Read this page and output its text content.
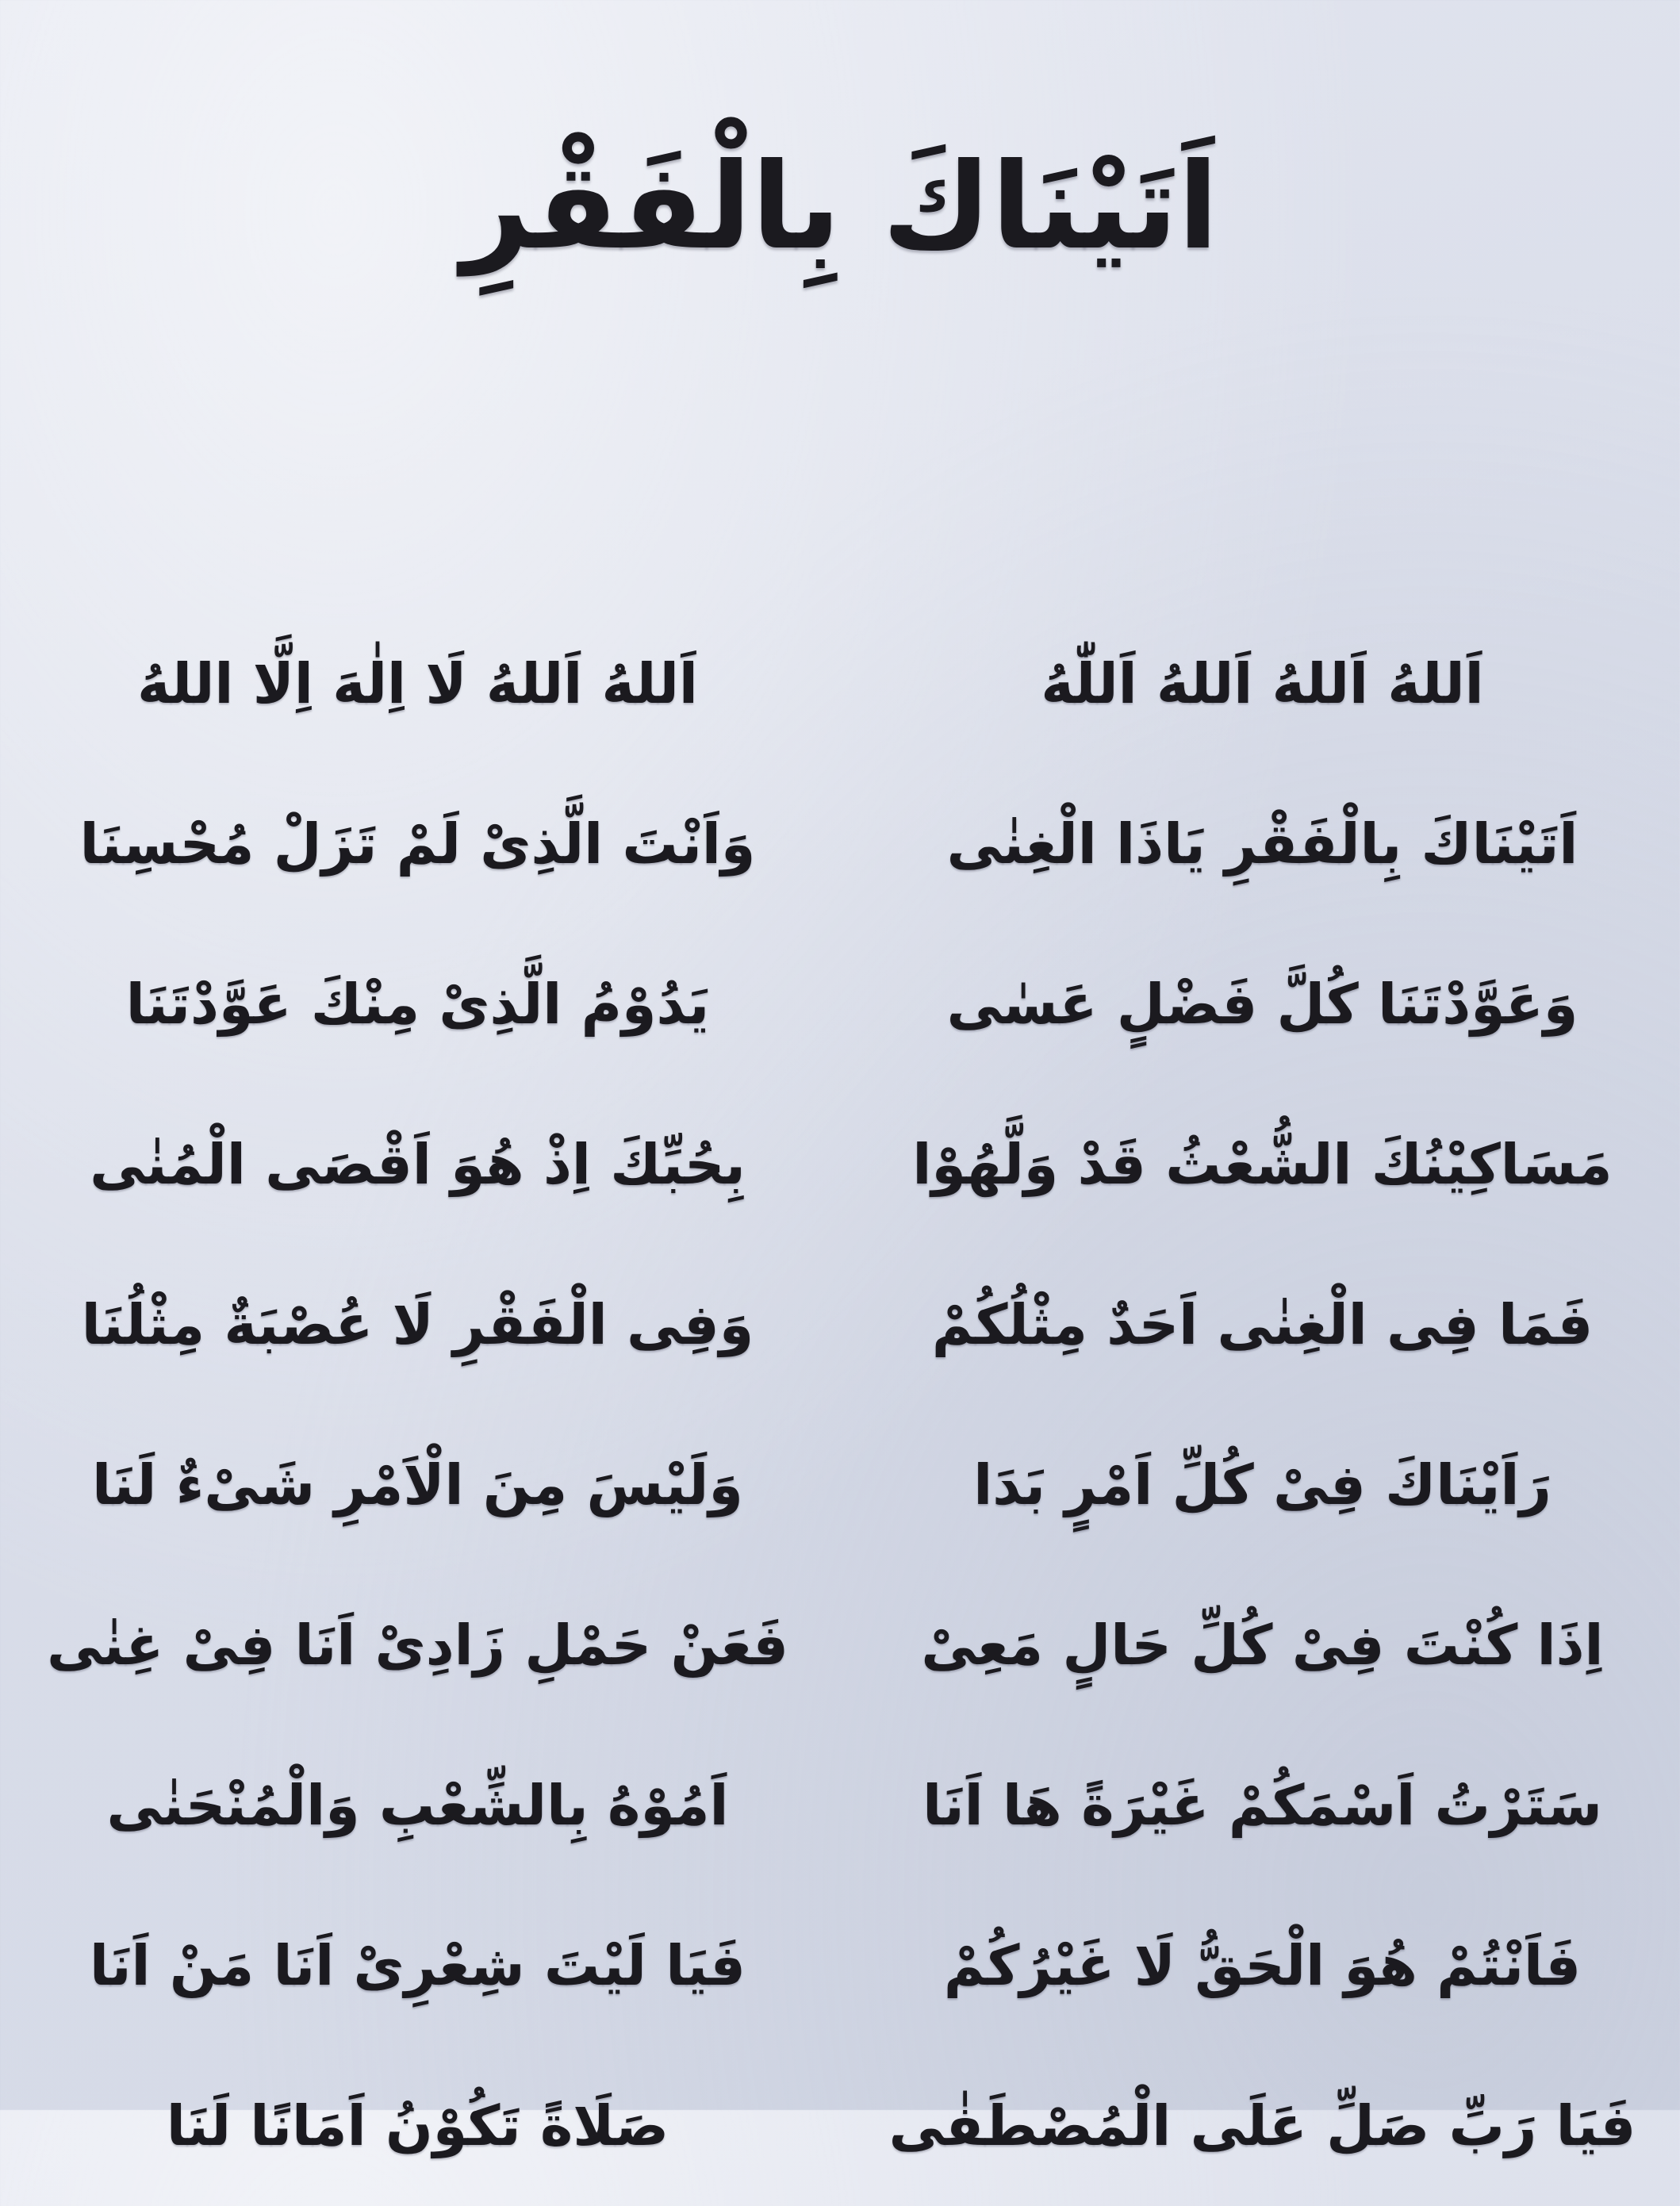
اَتَيْنَاكَ بِالْفَقْرِ
اَللهُ اَللهُ اَللهُ اَللّٰهُ
اَللهُ اَللهُ لَا اِلٰهَ اِلَّا اللهُ
اَتَيْنَاكَ بِالْفَقْرِ يَاذَا الْغِنٰى
وَاَنْتَ الَّذِىْ لَمْ تَزَلْ مُحْسِنَا
وَعَوَّدْتَنَا كُلَّ فَضْلٍ عَسٰى
يَدُوْمُ الَّذِىْ مِنْكَ عَوَّدْتَنَا
مَسَاكِيْنُكَ الشُّعْثُ قَدْ وَلَّهُوْا
بِحُبِّكَ اِذْ هُوَ اَقْصَى الْمُنٰى
فَمَا فِى الْغِنٰى اَحَدٌ مِثْلُكُمْ
وَفِى الْفَقْرِ لَا عُصْبَةٌ مِثْلُنَا
رَاَيْنَاكَ فِىْ كُلِّ اَمْرٍ بَدَا
وَلَيْسَ مِنَ الْاَمْرِ شَىْءٌ لَنَا
اِذَا كُنْتَ فِىْ كُلِّ حَالٍ مَعِىْ
فَعَنْ حَمْلِ زَادِىْ اَنَا فِىْ غِنٰى
سَتَرْتُ اَسْمَكُمْ غَيْرَةً هَا اَنَا
اَمُوْهُ بِالشِّعْبِ وَالْمُنْحَنٰى
فَاَنْتُمْ هُوَ الْحَقُّ لَا غَيْرُكُمْ
فَيَا لَيْتَ شِعْرِىْ اَنَا مَنْ اَنَا
فَيَا رَبِّ صَلِّ عَلَى الْمُصْطَفٰى
صَلَاةً تَكُوْنُ اَمَانًا لَنَا
